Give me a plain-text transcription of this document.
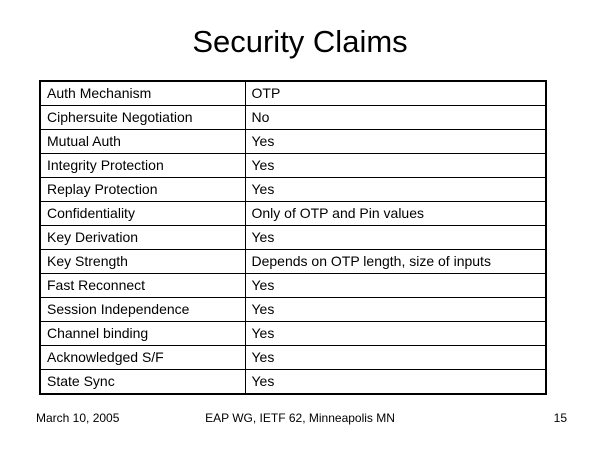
Security Claims
Auth Mechanism	OTP
Ciphersuite Negotiation	No
Mutual Auth	Yes
Integrity Protection	Yes
Replay Protection	Yes
Confidentiality	Only of OTP and Pin values
Key Derivation	Yes
Key Strength	Depends on OTP length, size of inputs
Fast Reconnect	Yes
Session Independence	Yes
Channel binding	Yes
Acknowledged S/F	Yes
State Sync	Yes
EAP WG, IETF 62, Minneapolis MN
March 10, 2005	15
